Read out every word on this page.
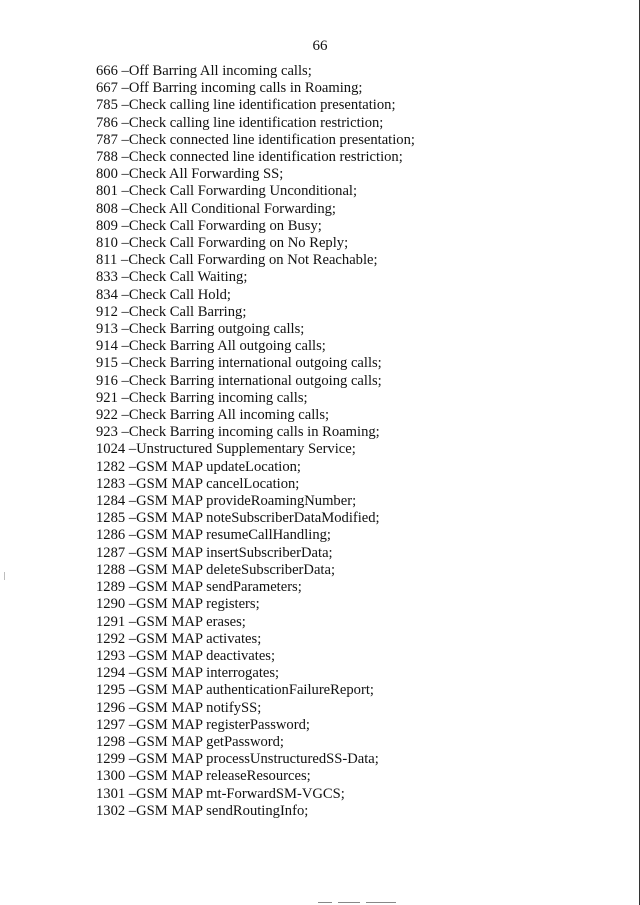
66
666 – Off Barring All incoming calls;
667 – Off Barring incoming calls in Roaming;
785 – Check calling line identification presentation;
786 – Check calling line identification restriction;
787 – Check connected line identification presentation;
788 – Check connected line identification restriction;
800 – Check All Forwarding SS;
801 – Check Call Forwarding Unconditional;
808 – Check All Conditional Forwarding;
809 – Check Call Forwarding on Busy;
810 – Check Call Forwarding on No Reply;
811 – Check Call Forwarding on Not Reachable;
833 – Check Call Waiting;
834 – Check Call Hold;
912 – Check Call Barring;
913 – Check Barring outgoing calls;
914 – Check Barring All outgoing calls;
915 – Check Barring international outgoing calls;
916 – Check Barring international outgoing calls;
921 – Check Barring incoming calls;
922 – Check Barring All incoming calls;
923 – Check Barring incoming calls in Roaming;
1024 – Unstructured Supplementary Service;
1282 – GSM MAP updateLocation;
1283 – GSM MAP cancelLocation;
1284 – GSM MAP provideRoamingNumber;
1285 – GSM MAP noteSubscriberDataModified;
1286 – GSM MAP resumeCallHandling;
1287 – GSM MAP insertSubscriberData;
1288 – GSM MAP deleteSubscriberData;
1289 – GSM MAP sendParameters;
1290 – GSM MAP registers;
1291 – GSM MAP erases;
1292 – GSM MAP activates;
1293 – GSM MAP deactivates;
1294 – GSM MAP interrogates;
1295 – GSM MAP authenticationFailureReport;
1296 – GSM MAP notifySS;
1297 – GSM MAP registerPassword;
1298 – GSM MAP getPassword;
1299 – GSM MAP processUnstructuredSS-Data;
1300 – GSM MAP releaseResources;
1301 – GSM MAP mt-ForwardSM-VGCS;
1302 – GSM MAP sendRoutingInfo;
